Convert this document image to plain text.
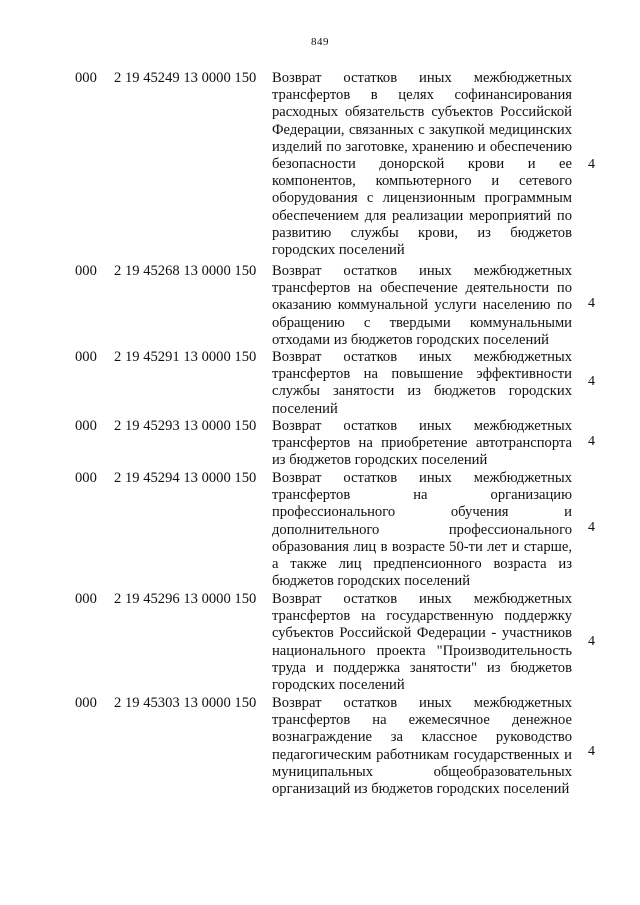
849
000 2 19 45249 13 0000 150 Возврат остатков иных межбюджетных трансфертов в целях софинансирования расходных обязательств субъектов Российской Федерации, связанных с закупкой медицинских изделий по заготовке, хранению и обеспечению безопасности донорской крови и ее компонентов, компьютерного и сетевого оборудования с лицензионным программным обеспечением для реализации мероприятий по развитию службы крови, из бюджетов городских поселений
4
000 2 19 45268 13 0000 150 Возврат остатков иных межбюджетных трансфертов на обеспечение деятельности по оказанию коммунальной услуги населению по обращению с твердыми коммунальными отходами из бюджетов городских поселений
4
000 2 19 45291 13 0000 150 Возврат остатков иных межбюджетных трансфертов на повышение эффективности службы занятости из бюджетов городских поселений
4
000 2 19 45293 13 0000 150 Возврат остатков иных межбюджетных трансфертов на приобретение автотранспорта из бюджетов городских поселений
4
000 2 19 45294 13 0000 150 Возврат остатков иных межбюджетных трансфертов на организацию профессионального обучения и дополнительного профессионального образования лиц в возрасте 50-ти лет и старше, а также лиц предпенсионного возраста из бюджетов городских поселений
4
000 2 19 45296 13 0000 150 Возврат остатков иных межбюджетных трансфертов на государственную поддержку субъектов Российской Федерации - участников национального проекта "Производительность труда и поддержка занятости" из бюджетов городских поселений
4
000 2 19 45303 13 0000 150 Возврат остатков иных межбюджетных трансфертов на ежемесячное денежное вознаграждение за классное руководство педагогическим работникам государственных и муниципальных общеобразовательных организаций из бюджетов городских поселений
4
